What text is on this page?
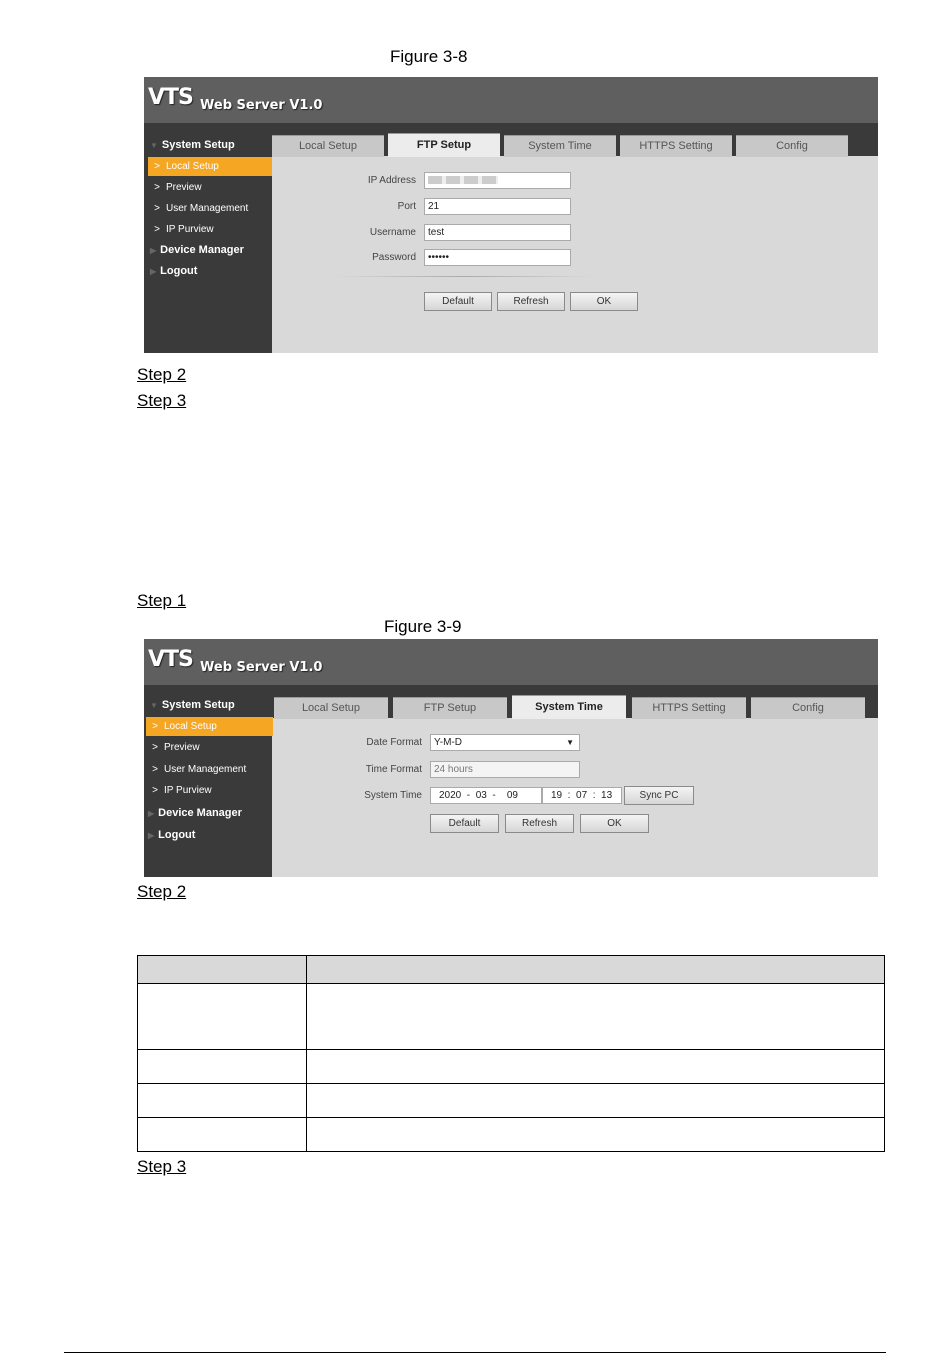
Figure 3-8
VTS Web Server V1.0
▼ System Setup
> Local Setup
> Preview
> User Management
> IP Purview
▶ Device Manager
▶ Logout
Local Setup	FTP Setup	System Time	HTTPS Setting	Config
IP Address
Port	21
Username	test
Password	••••••
Default	Refresh	OK
Step 2
Step 3
Step 1
Figure 3-9
VTS Web Server V1.0
▼ System Setup
> Local Setup
> Preview
> User Management
> IP Purview
▶ Device Manager
▶ Logout
Local Setup	FTP Setup	System Time	HTTPS Setting	Config
Date Format	Y-M-D	▼
Time Format	24 hours
System Time	2020  -  03  -    09	19  :  07  :  13	Sync PC
Default	Refresh	OK
Step 2

Step 3
